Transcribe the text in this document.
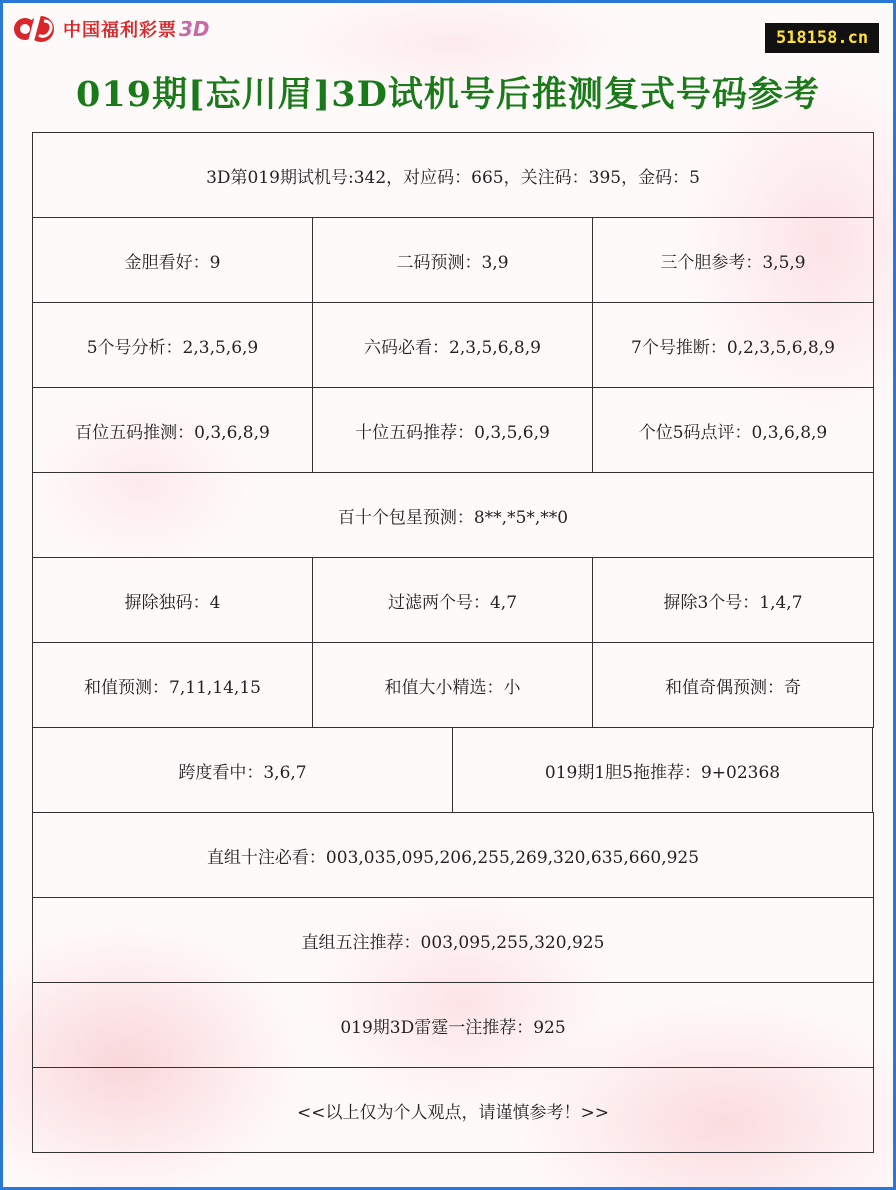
中国福利彩票 3D	518158.cn
019期[忘川眉]3D试机号后推测复式号码参考
3D第019期试机号:342，对应码：665，关注码：395，金码：5
金胆看好：9	二码预测：3,9	三个胆参考：3,5,9
5个号分析：2,3,5,6,9	六码必看：2,3,5,6,8,9	7个号推断：0,2,3,5,6,8,9
百位五码推测：0,3,6,8,9	十位五码推荐：0,3,5,6,9	个位5码点评：0,3,6,8,9
百十个包星预测：8**,*5*,**0
摒除独码：4	过滤两个号：4,7	摒除3个号：1,4,7
和值预测：7,11,14,15	和值大小精选：小	和值奇偶预测：奇
跨度看中：3,6,7	019期1胆5拖推荐：9+02368
直组十注必看：003,035,095,206,255,269,320,635,660,925
直组五注推荐：003,095,255,320,925
019期3D雷霆一注推荐：925
<<以上仅为个人观点，请谨慎参考！>>
